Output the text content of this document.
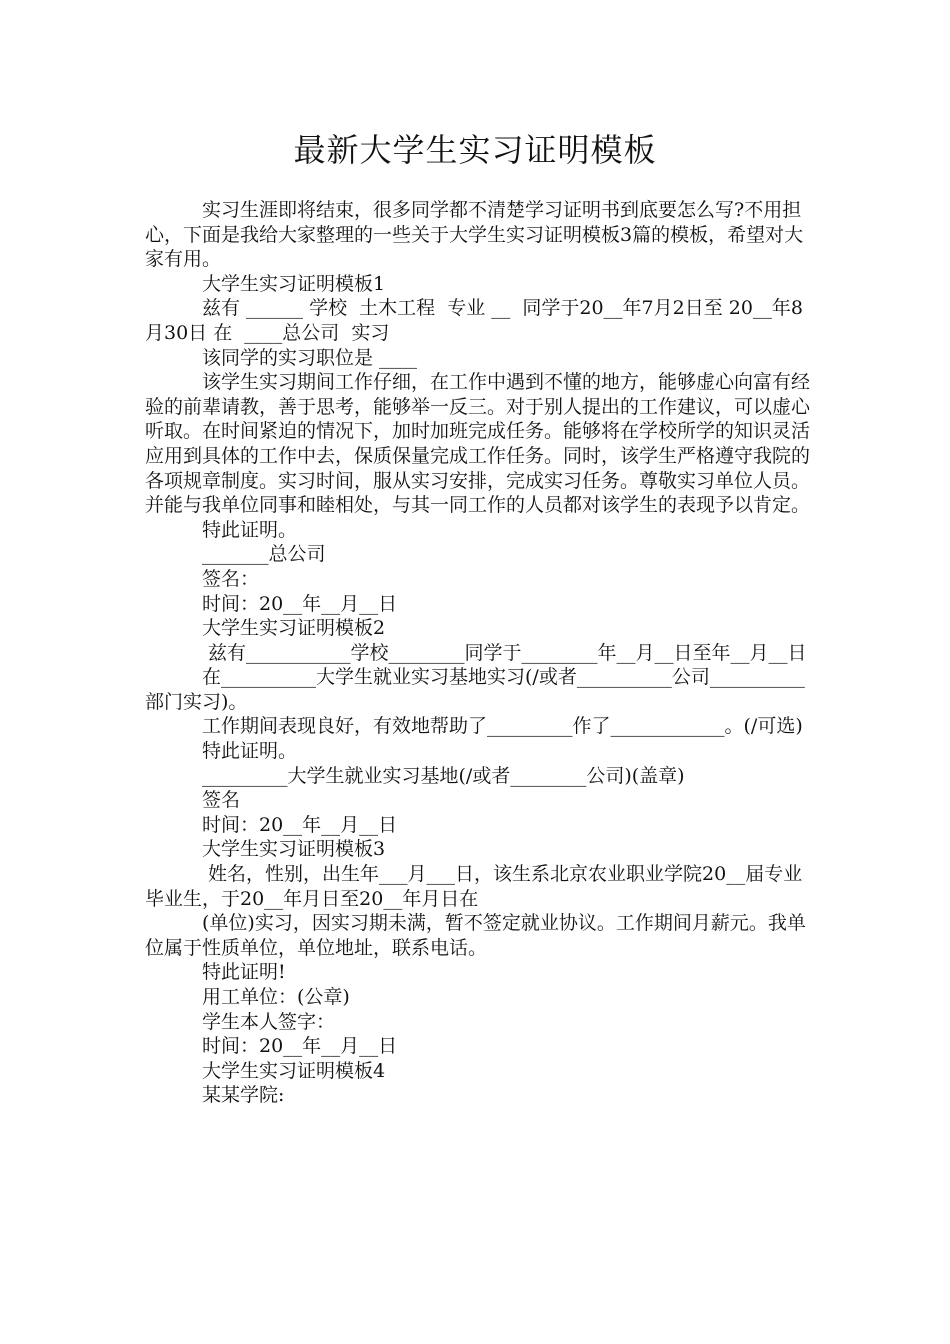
最新大学生实习证明模板

实习生涯即将结束，很多同学都不清楚学习证明书到底要怎么写?不用担心，下面是我给大家整理的一些关于大学生实习证明模板3篇的模板，希望对大家有用。

大学生实习证明模板1

兹有 ______ 学校  土木工程  专业 __  同学于20__年7月2日至 20__年8月30日 在  ____总公司  实习

该同学的实习职位是 ____

该学生实习期间工作仔细，在工作中遇到不懂的地方，能够虚心向富有经验的前辈请教，善于思考，能够举一反三。对于别人提出的工作建议，可以虚心听取。在时间紧迫的情况下，加时加班完成任务。能够将在学校所学的知识灵活应用到具体的工作中去，保质保量完成工作任务。同时，该学生严格遵守我院的各项规章制度。实习时间，服从实习安排，完成实习任务。尊敬实习单位人员。并能与我单位同事和睦相处，与其一同工作的人员都对该学生的表现予以肯定。

特此证明。

_______总公司

签名：

时间：20__年__月__日

大学生实习证明模板2

兹有___________学校________同学于________年__月__日至年__月__日

在__________大学生就业实习基地实习(/或者__________公司__________部门实习)。

工作期间表现良好，有效地帮助了_________作了____________。(/可选)

特此证明。

_________大学生就业实习基地(/或者________公司)(盖章)

签名

时间：20__年__月__日

大学生实习证明模板3

姓名，性别，出生年___月___日，该生系北京农业职业学院20__届专业毕业生，于20__年月日至20__年月日在

(单位)实习，因实习期未满，暂不签定就业协议。工作期间月薪元。我单位属于性质单位，单位地址，联系电话。

特此证明!

用工单位：(公章)

学生本人签字：

时间：20__年__月__日

大学生实习证明模板4

某某学院:
